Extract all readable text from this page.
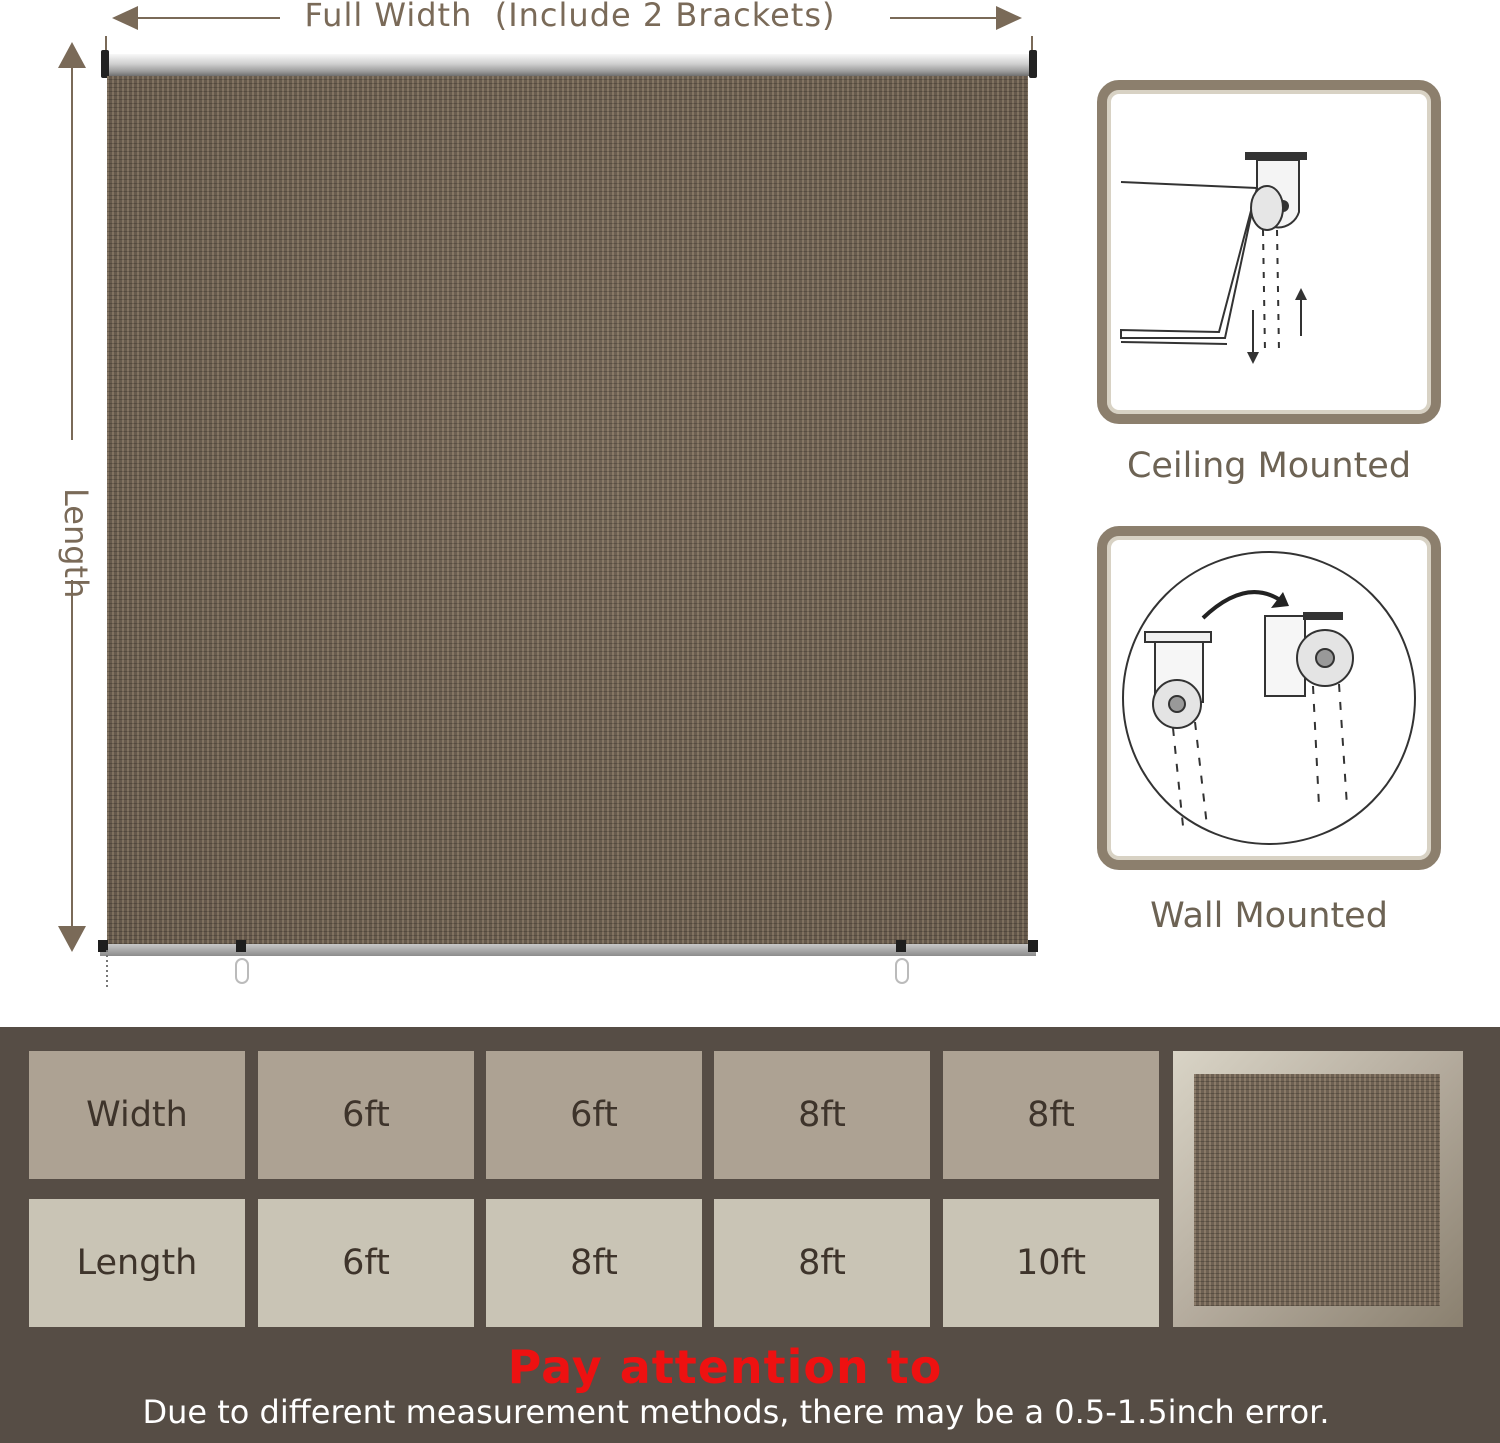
Full Width  (Include 2 Brackets)
Length
Ceiling Mounted
Wall Mounted
Width	6ft	6ft	8ft	8ft
Length	6ft	8ft	8ft	10ft
Pay attention to
Due to different measurement methods, there may be a 0.5-1.5inch error.
